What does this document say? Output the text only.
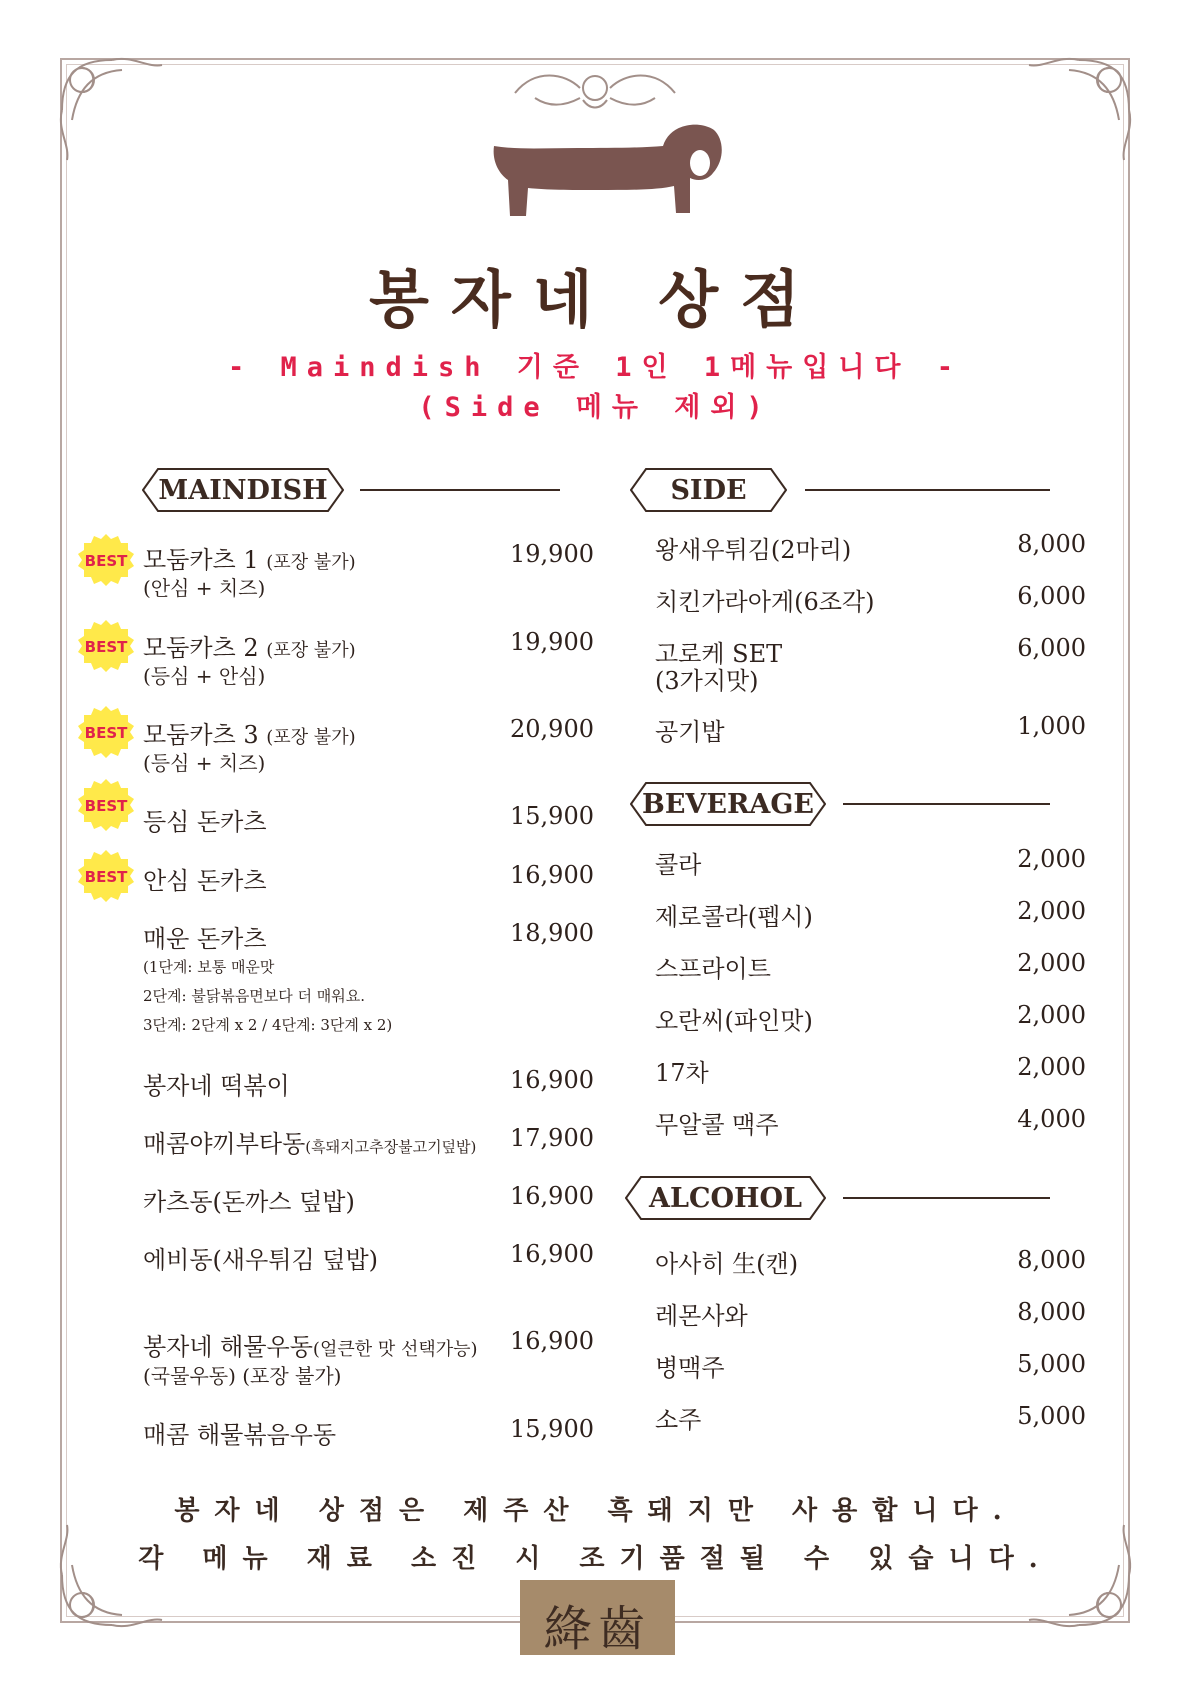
봉자네 상점
- Maindish 기준 1인 1메뉴입니다 -
(Side 메뉴 제외)
MAINDISH	SIDE
BEVERAGE
ALCOHOL
BEST
BEST
BEST
BEST
BEST
모둠카츠 1 (포장 불가)
(안심 + 치즈)
19,900
모둠카츠 2 (포장 불가)
(등심 + 안심)
19,900
모둠카츠 3 (포장 불가)
(등심 + 치즈)
20,900
등심 돈카츠	15,900
안심 돈카츠	16,900
매운 돈카츠	18,900
(1단계: 보통 매운맛
2단계: 불닭볶음면보다 더 매워요.
3단계: 2단계 x 2 / 4단계: 3단계 x 2)
봉자네 떡볶이	16,900
매콤야끼부타동(흑돼지고추장불고기덮밥)	17,900
카츠동(돈까스 덮밥)	16,900
에비동(새우튀김 덮밥)	16,900
봉자네 해물우동(얼큰한 맛 선택가능)
(국물우동) (포장 불가)
16,900
매콤 해물볶음우동	15,900
왕새우튀김(2마리)	8,000
치킨가라아게(6조각)	6,000
고로케 SET
(3가지맛)
6,000
공기밥	1,000
콜라	2,000
제로콜라(펩시)	2,000
스프라이트	2,000
오란씨(파인맛)	2,000
17차	2,000
무알콜 맥주	4,000
아사히 生(캔)	8,000
레몬사와	8,000
병맥주	5,000
소주	5,000
봉자네 상점은 제주산 흑돼지만 사용합니다.
각 메뉴 재료 소진 시 조기품절될 수 있습니다.
絳齒
